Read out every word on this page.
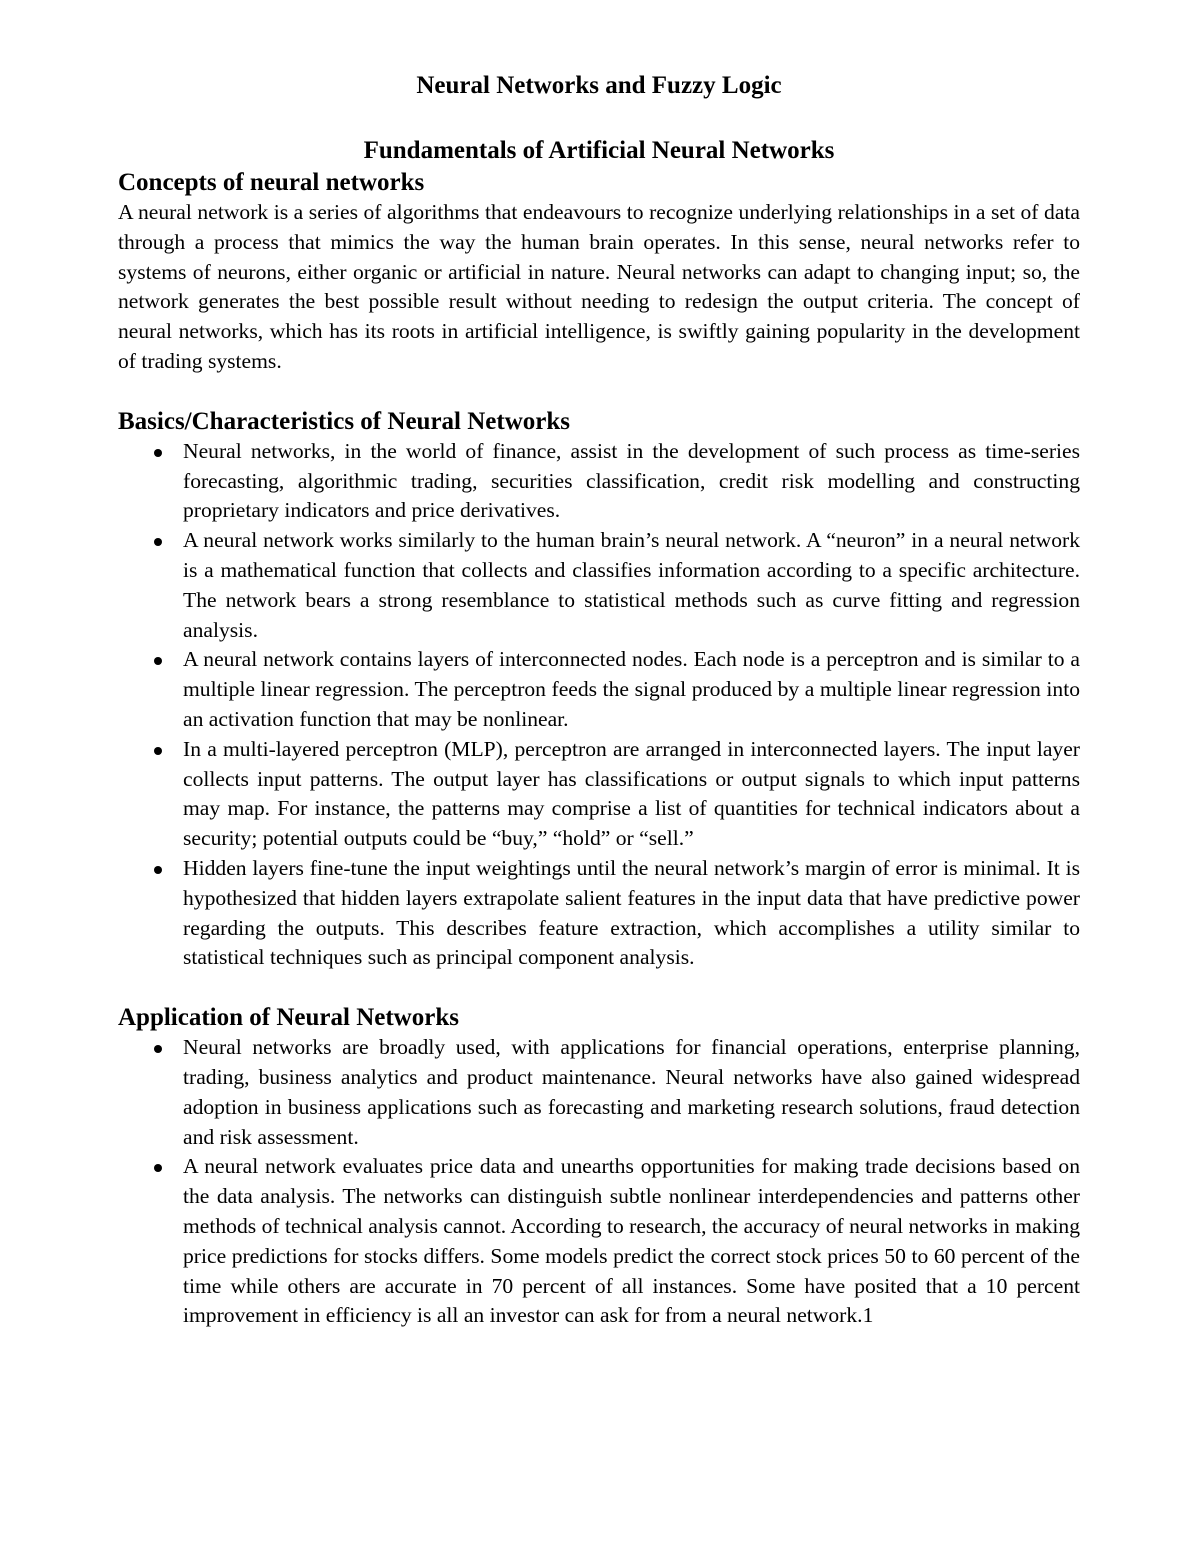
Neural Networks and Fuzzy Logic
Fundamentals of Artificial Neural Networks
Concepts of neural networks

A neural network is a series of algorithms that endeavours to recognize underlying relationships in a set of data through a process that mimics the way the human brain operates. In this sense, neural networks refer to systems of neurons, either organic or artificial in nature. Neural networks can adapt to changing input; so, the network generates the best possible result without needing to redesign the output criteria. The concept of neural networks, which has its roots in artificial intelligence, is swiftly gaining popularity in the development of trading systems.

Basics/Characteristics of Neural Networks
Neural networks, in the world of finance, assist in the development of such process as time-series forecasting, algorithmic trading, securities classification, credit risk modelling and constructing proprietary indicators and price derivatives.
A neural network works similarly to the human brain’s neural network. A “neuron” in a neural network is a mathematical function that collects and classifies information according to a specific architecture. The network bears a strong resemblance to statistical methods such as curve fitting and regression analysis.
A neural network contains layers of interconnected nodes. Each node is a perceptron and is similar to a multiple linear regression. The perceptron feeds the signal produced by a multiple linear regression into an activation function that may be nonlinear.
In a multi-layered perceptron (MLP), perceptron are arranged in interconnected layers. The input layer collects input patterns. The output layer has classifications or output signals to which input patterns may map. For instance, the patterns may comprise a list of quantities for technical indicators about a security; potential outputs could be “buy,” “hold” or “sell.”
Hidden layers fine-tune the input weightings until the neural network’s margin of error is minimal. It is hypothesized that hidden layers extrapolate salient features in the input data that have predictive power regarding the outputs. This describes feature extraction, which accomplishes a utility similar to statistical techniques such as principal component analysis.
Application of Neural Networks
Neural networks are broadly used, with applications for financial operations, enterprise planning, trading, business analytics and product maintenance. Neural networks have also gained widespread adoption in business applications such as forecasting and marketing research solutions, fraud detection and risk assessment.
A neural network evaluates price data and unearths opportunities for making trade decisions based on the data analysis. The networks can distinguish subtle nonlinear interdependencies and patterns other methods of technical analysis cannot. According to research, the accuracy of neural networks in making price predictions for stocks differs. Some models predict the correct stock prices 50 to 60 percent of the time while others are accurate in 70 percent of all instances. Some have posited that a 10 percent improvement in efficiency is all an investor can ask for from a neural network.1
